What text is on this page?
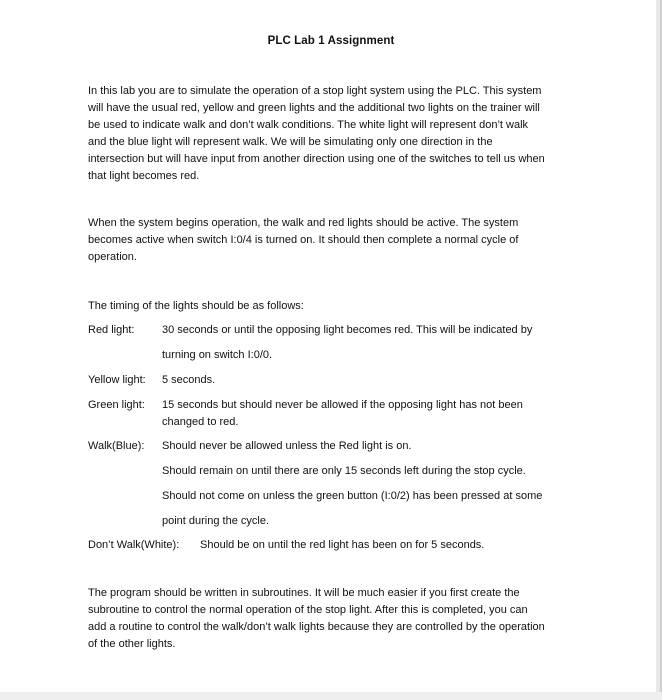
PLC Lab 1 Assignment
In this lab you are to simulate the operation of a stop light system using the PLC. This system
will have the usual red, yellow and green lights and the additional two lights on the trainer will
be used to indicate walk and don’t walk conditions. The white light will represent don’t walk
and the blue light will represent walk. We will be simulating only one direction in the
intersection but will have input from another direction using one of the switches to tell us when
that light becomes red.
When the system begins operation, the walk and red lights should be active. The system
becomes active when switch I:0/4 is turned on. It should then complete a normal cycle of
operation.
The timing of the lights should be as follows:
Red light:	30 seconds or until the opposing light becomes red. This will be indicated by
turning on switch I:0/0.
Yellow light: 5 seconds.
Green light: 15 seconds but should never be allowed if the opposing light has not been
changed to red.
Walk(Blue): Should never be allowed unless the Red light is on.
Should remain on until there are only 15 seconds left during the stop cycle.
Should not come on unless the green button (I:0/2) has been pressed at some
point during the cycle.
Don’t Walk(White): Should be on until the red light has been on for 5 seconds.
The program should be written in subroutines. It will be much easier if you first create the
subroutine to control the normal operation of the stop light. After this is completed, you can
add a routine to control the walk/don’t walk lights because they are controlled by the operation
of the other lights.
